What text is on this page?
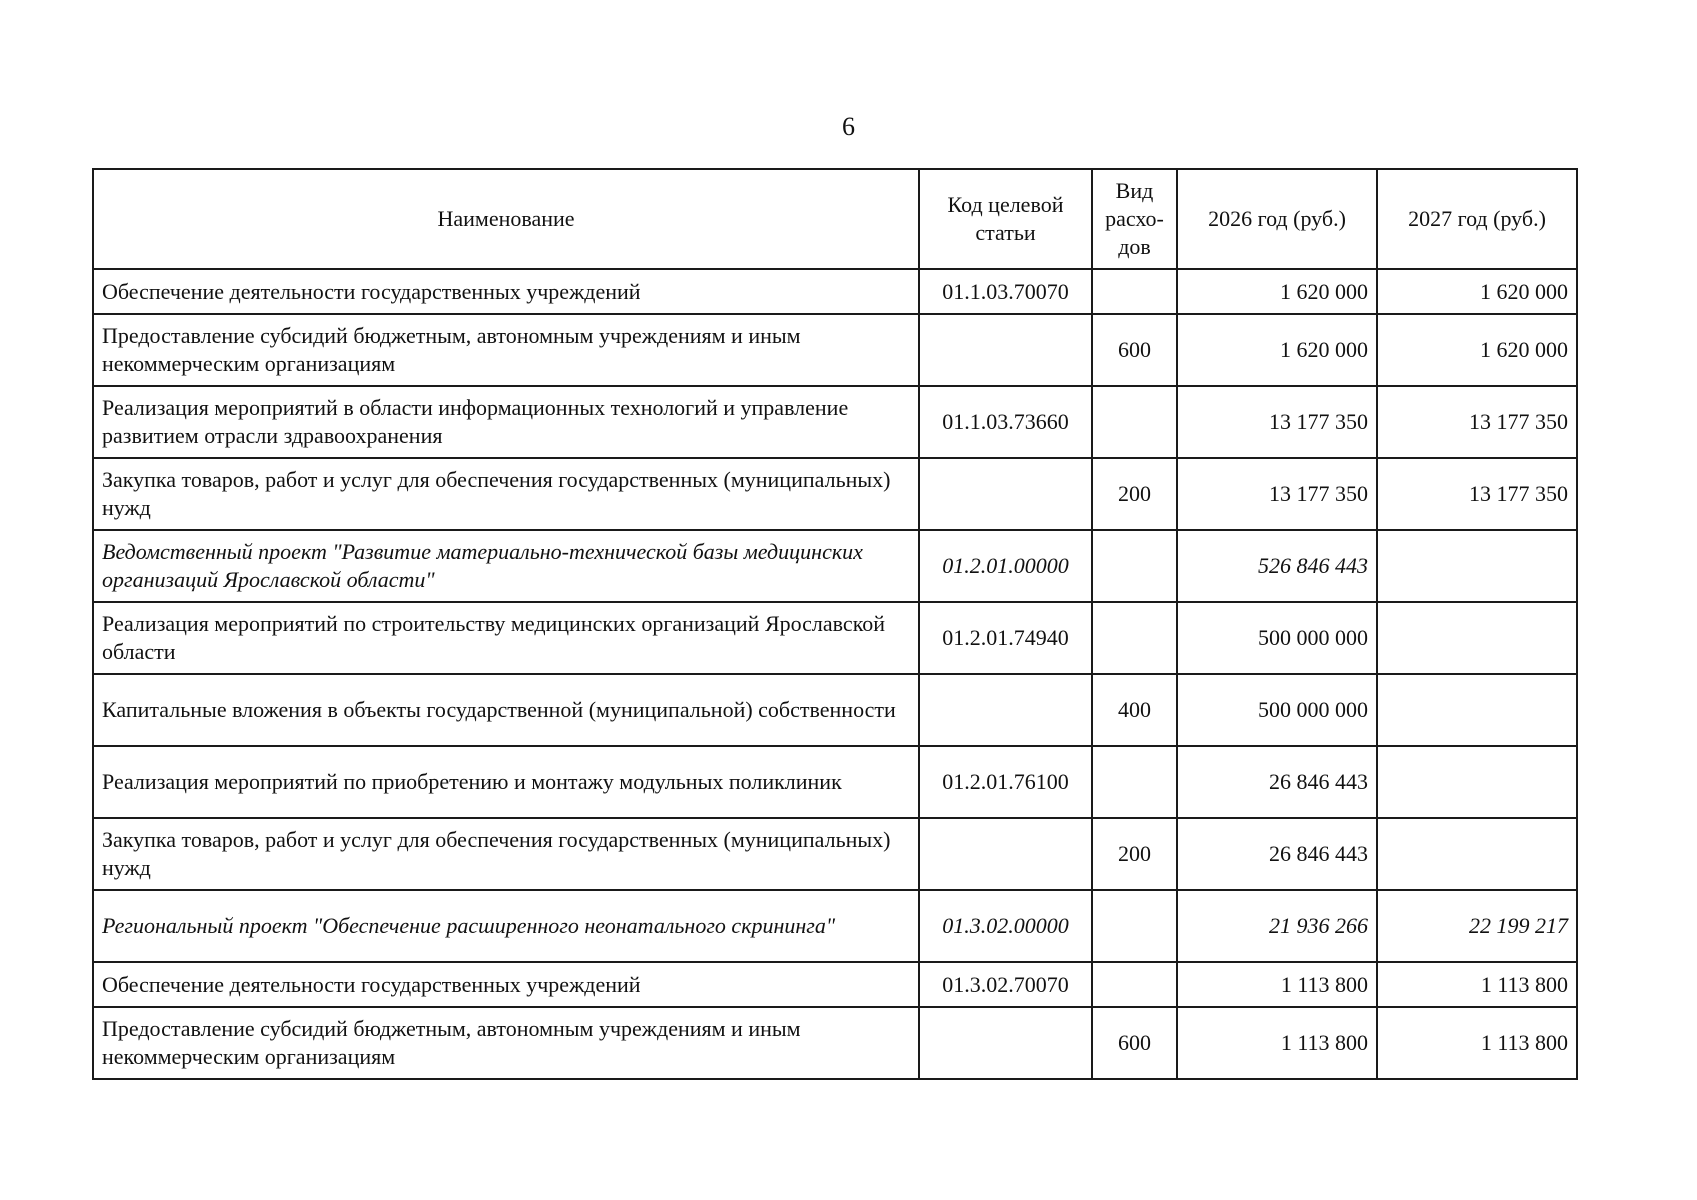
6
Наименование	Код целевой статьи	Вид расхо-дов	2026 год (руб.)	2027 год (руб.)
Обеспечение деятельности государственных учреждений	01.1.03.70070		1 620 000	1 620 000
Предоставление субсидий бюджетным, автономным учреждениям и иным некоммерческим организациям		600	1 620 000	1 620 000
Реализация мероприятий в области информационных технологий и управление развитием отрасли здравоохранения	01.1.03.73660		13 177 350	13 177 350
Закупка товаров, работ и услуг для обеспечения государственных (муниципальных) нужд		200	13 177 350	13 177 350
Ведомственный проект "Развитие материально-технической базы медицинских организаций Ярославской области"	01.2.01.00000		526 846 443	
Реализация мероприятий по строительству медицинских организаций Ярославской области	01.2.01.74940		500 000 000	
Капитальные вложения в объекты государственной (муниципальной) собственности		400	500 000 000	
Реализация мероприятий по приобретению и монтажу модульных поликлиник	01.2.01.76100		26 846 443	
Закупка товаров, работ и услуг для обеспечения государственных (муниципальных) нужд		200	26 846 443	
Региональный проект "Обеспечение расширенного неонатального скрининга"	01.3.02.00000		21 936 266	22 199 217
Обеспечение деятельности государственных учреждений	01.3.02.70070		1 113 800	1 113 800
Предоставление субсидий бюджетным, автономным учреждениям и иным некоммерческим организациям		600	1 113 800	1 113 800
